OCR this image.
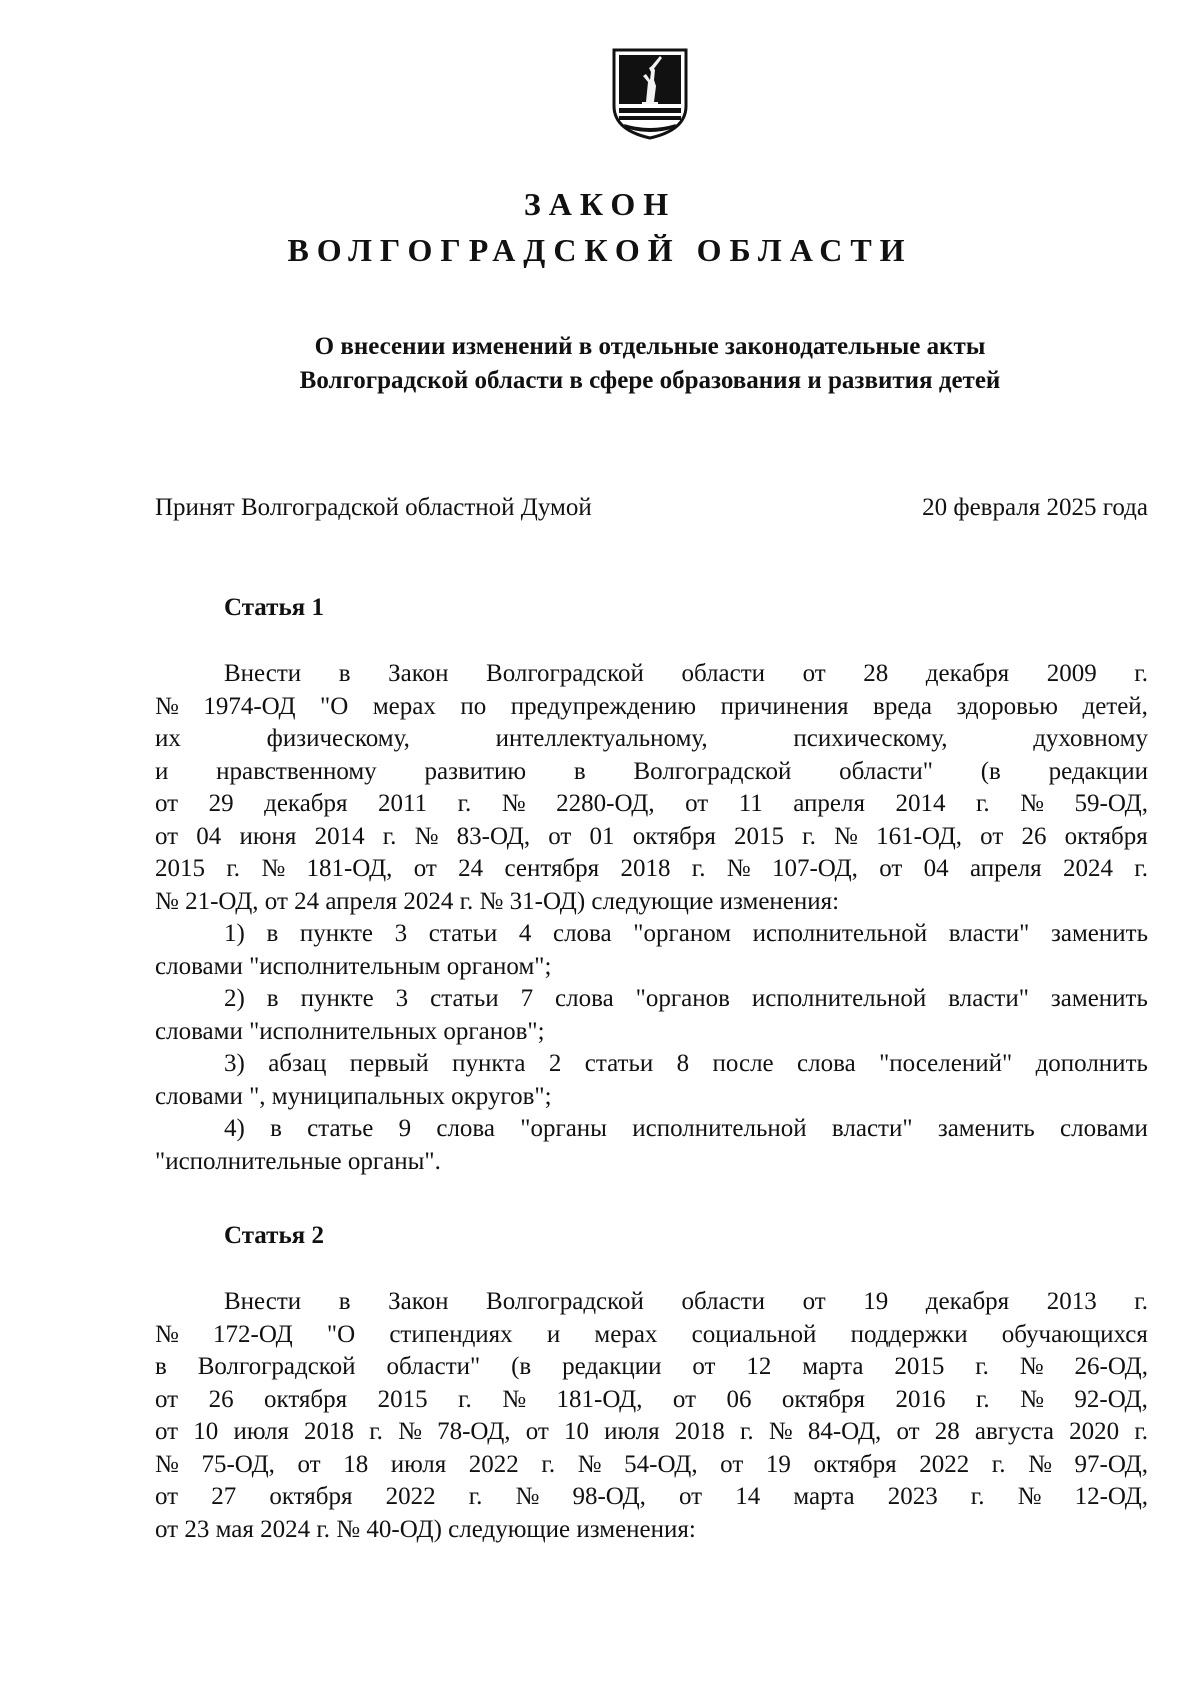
ЗАКОН
ВОЛГОГРАДСКОЙ ОБЛАСТИ
О внесении изменений в отдельные законодательные акты
Волгоградской области в сфере образования и развития детей
Принят Волгоградской областной Думой	20 февраля 2025 года
Статья 1
Внести в Закон Волгоградской области от 28 декабря 2009 г.
№ 1974-ОД "О мерах по предупреждению причинения вреда здоровью детей,
их	физическому,	интеллектуальному,	психическому,	духовному
и нравственному развитию в Волгоградской области" (в редакции
от 29 декабря 2011 г. № 2280-ОД, от 11 апреля 2014 г. № 59-ОД,
от 04 июня 2014 г. № 83-ОД, от 01 октября 2015 г. № 161-ОД, от 26 октября
2015 г. № 181-ОД, от 24 сентября 2018 г. № 107-ОД, от 04 апреля 2024 г.
№ 21-ОД, от 24 апреля 2024 г. № 31-ОД) следующие изменения:
1) в пункте 3 статьи 4 слова "органом исполнительной власти" заменить
словами "исполнительным органом";
2) в пункте 3 статьи 7 слова "органов исполнительной власти" заменить
словами "исполнительных органов";
3) абзац первый пункта 2 статьи 8 после слова "поселений" дополнить
словами ", муниципальных округов";
4) в статье 9 слова "органы исполнительной власти" заменить словами
"исполнительные органы".
Статья 2
Внести в Закон Волгоградской области от 19 декабря 2013 г.
№ 172-ОД "О стипендиях и мерах социальной поддержки обучающихся
в Волгоградской области" (в редакции от 12 марта 2015 г. № 26-ОД,
от 26 октября 2015 г. № 181-ОД, от 06 октября 2016 г. № 92-ОД,
от 10 июля 2018 г. № 78-ОД, от 10 июля 2018 г. № 84-ОД, от 28 августа 2020 г.
№ 75-ОД, от 18 июля 2022 г. № 54-ОД, от 19 октября 2022 г. № 97-ОД,
от 27 октября 2022 г. № 98-ОД, от 14 марта 2023 г. № 12-ОД,
от 23 мая 2024 г. № 40-ОД) следующие изменения:
